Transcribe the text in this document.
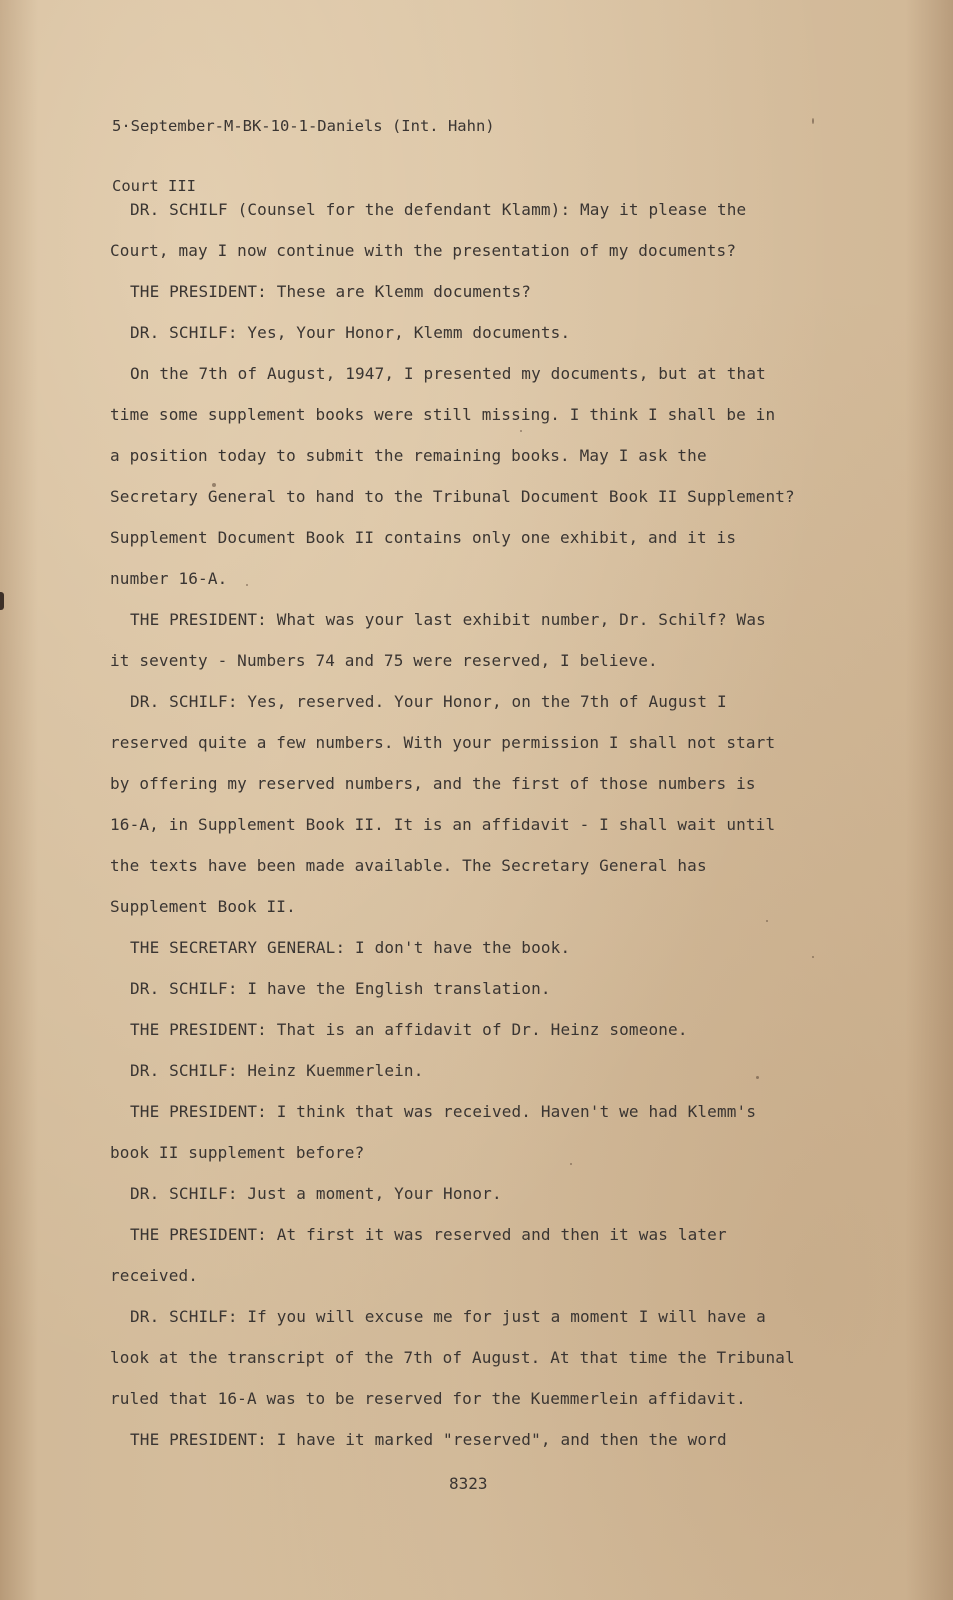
5·September-M-BK-10-1-Daniels (Int. Hahn)

Court III

DR. SCHILF (Counsel for the defendant Klamm): May it please the
Court, may I now continue with the presentation of my documents?
THE PRESIDENT: These are Klemm documents?
DR. SCHILF: Yes, Your Honor, Klemm documents.
On the 7th of August, 1947, I presented my documents, but at that
time some supplement books were still missing. I think I shall be in
a position today to submit the remaining books. May I ask the
Secretary General to hand to the Tribunal Document Book II Supplement?
Supplement Document Book II contains only one exhibit, and it is
number 16-A.
THE PRESIDENT: What was your last exhibit number, Dr. Schilf? Was
it seventy - Numbers 74 and 75 were reserved, I believe.
DR. SCHILF: Yes, reserved. Your Honor, on the 7th of August I
reserved quite a few numbers. With your permission I shall not start
by offering my reserved numbers, and the first of those numbers is
16-A, in Supplement Book II. It is an affidavit - I shall wait until
the texts have been made available. The Secretary General has
Supplement Book II.
THE SECRETARY GENERAL: I don't have the book.
DR. SCHILF: I have the English translation.
THE PRESIDENT: That is an affidavit of Dr. Heinz someone.
DR. SCHILF: Heinz Kuemmerlein.
THE PRESIDENT: I think that was received. Haven't we had Klemm's
book II supplement before?
DR. SCHILF: Just a moment, Your Honor.
THE PRESIDENT: At first it was reserved and then it was later
received.
DR. SCHILF: If you will excuse me for just a moment I will have a
look at the transcript of the 7th of August. At that time the Tribunal
ruled that 16-A was to be reserved for the Kuemmerlein affidavit.
THE PRESIDENT: I have it marked "reserved", and then the word
8323
